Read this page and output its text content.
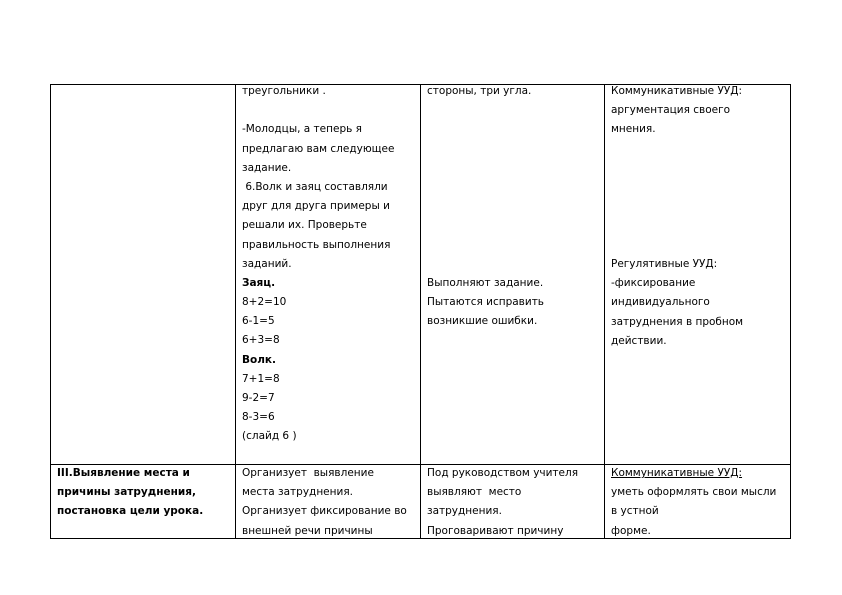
треугольники .
-Молодцы, а теперь я
предлагаю вам следующее
задание.
6.Волк и заяц составляли
друг для друга примеры и
решали их. Проверьте
правильность выполнения
заданий.
Заяц.
8+2=10
6-1=5
6+3=8
Волк.
7+1=8
9-2=7
8-3=6
(слайд 6 )
стороны, три угла.
Выполняют задание.
Пытаются исправить
возникшие ошибки.
Коммуникативные УУД:
аргументация своего
мнения.
Регулятивные УУД:
-фиксирование
индивидуального
затруднения в пробном
действии.
III.Выявление места и
причины затруднения,
постановка цели урока.
Организует  выявление
места затруднения.
Организует фиксирование во
внешней речи причины
Под руководством учителя
выявляют  место
затруднения.
Проговаривают причину
Коммуникативные УУД:
уметь оформлять свои мысли
в устной
форме.
